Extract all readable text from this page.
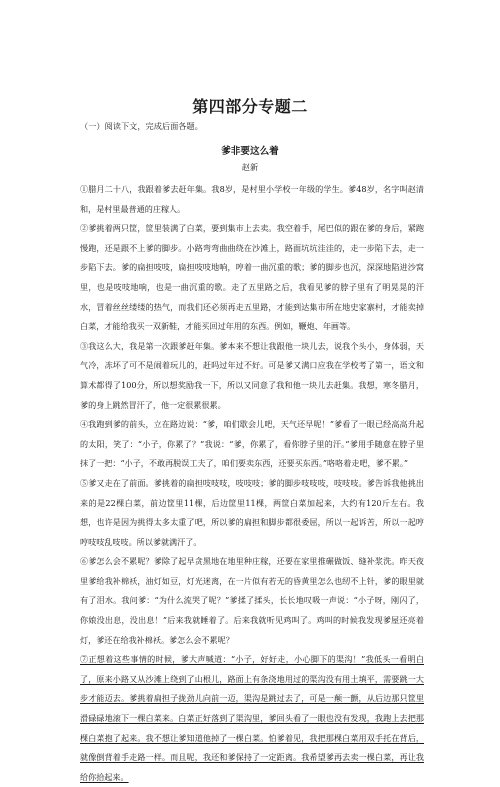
第四部分专题二
（一）阅读下文，完成后面各题。
爹非要这么着
赵新

①腊月二十八，我跟着爹去赶年集。我8岁，是村里小学校一年级的学生。爹48岁，名字叫赵清和，是村里最普通的庄稼人。

②爹挑着两只筐，筐里装满了白菜，要到集市上去卖。我空着手，尾巴似的跟在爹的身后，紧跑慢跑，还是跟不上爹的脚步。小路弯弯曲曲绕在沙滩上，路面坑坑洼洼的，走一步陷下去，走一步陷下去。爹的扁担吱吱，扁担吱吱地响，哼着一曲沉重的歌；爹的脚步也沉，深深地陷进沙窝里，也是吱吱地响，也是一曲沉重的歌。走了五里路之后，我看见爹的脖子里有了明晃晃的汗水，冒着丝丝缕缕的热气，而我们还必须再走五里路，才能到达集市所在地史家寨村，才能卖掉白菜，才能给我买一双新鞋，才能买回过年用的东西。例如，鞭炮、年画等。

③我这么大，我是第一次跟爹赶年集。爹本来不想让我跟他一块儿去，说我个头小，身体弱，天气冷，冻坏了可不是闹着玩儿的，赶吗过年过不好。可是爹又满口应我在学校考了第一，语文和算术都得了100分，所以想奖励我一下，所以又同意了我和他一块儿去赶集。我想，寒冬腊月，爹的身上跳然冒汗了，他一定很累很累。

④我跑到爹的前头，立在路边说：“爹，咱们歇会儿吧，天气还早呢！”爹看了一眼已经高高升起的太阳，笑了：“小子，你累了？”我说：“爹，你累了，看你脖子里的汗。”爹用手随意在脖子里抹了一把：“小子，不敢再脱误工夫了，咱们要卖东西，还要买东西。”咯咯着走吧，爹不累。”

⑤爹又走在了前面。爹挑着的扁担吱吱吱，吱吱吱；爹的脚步吱吱吱，吱吱吱。爹告诉我他挑出来的是22棵白菜，前边筐里11棵，后边筐里11棵，两筐白菜加起来，大约有120斤左右。我想，也许是因为挑得太多太重了吧，所以爹的扁担和脚步都很委屈，所以一起诉苦，所以一起哼哼吱吱乱吱吱。所以爹就满汗了。

⑥爹怎么会不累呢？爹除了起早贪黑地在地里种庄稼，还要在家里推碾做饭、缝补浆洗。昨天夜里爹给我补棉袄，油灯如豆，灯光迷离，在一片似有若无的昏黄里怎么也纫不上针，爹的眼里就有了泪水。我问爹：“为什么流哭了呢？”爹揉了揉头，长长地叹吸一声说：“小子呀，刚闪了，你娘没出息，没出息！”后来我就睡着了。后来我就听见鸡叫了。鸡叫的时候我发现爹屋还亮着灯，爹还在给我补棉袄。爹怎么会不累呢？

⑦正想着这些事情的时候，爹大声喊道：“小子，好好走，小心脚下的渠沟！”我低头一看明白了，原来小路又从沙滩上绕到了山根儿，路面上有条浇地用过的渠沟没有用土填平，需要跳一大步才能迈去。爹挑着扁担子拢劲儿向前一迈，渠沟是跳过去了，可是一颠一颤，从后边那只筐里滑碌碌地滚下一棵白菜来。白菜正好落到了渠沟里，爹回头看了一眼也没有发现，我跑上去把那棵白菜抱了起来。我不想让爹知道他掉了一棵白菜。怕爹着见，我把那棵白菜用双手托在背后，就像倒背着手走路一样。而且呢，我还和爹保持了一定距离。我希望爹再去卖一棵白菜，再让我给你拾起来。
